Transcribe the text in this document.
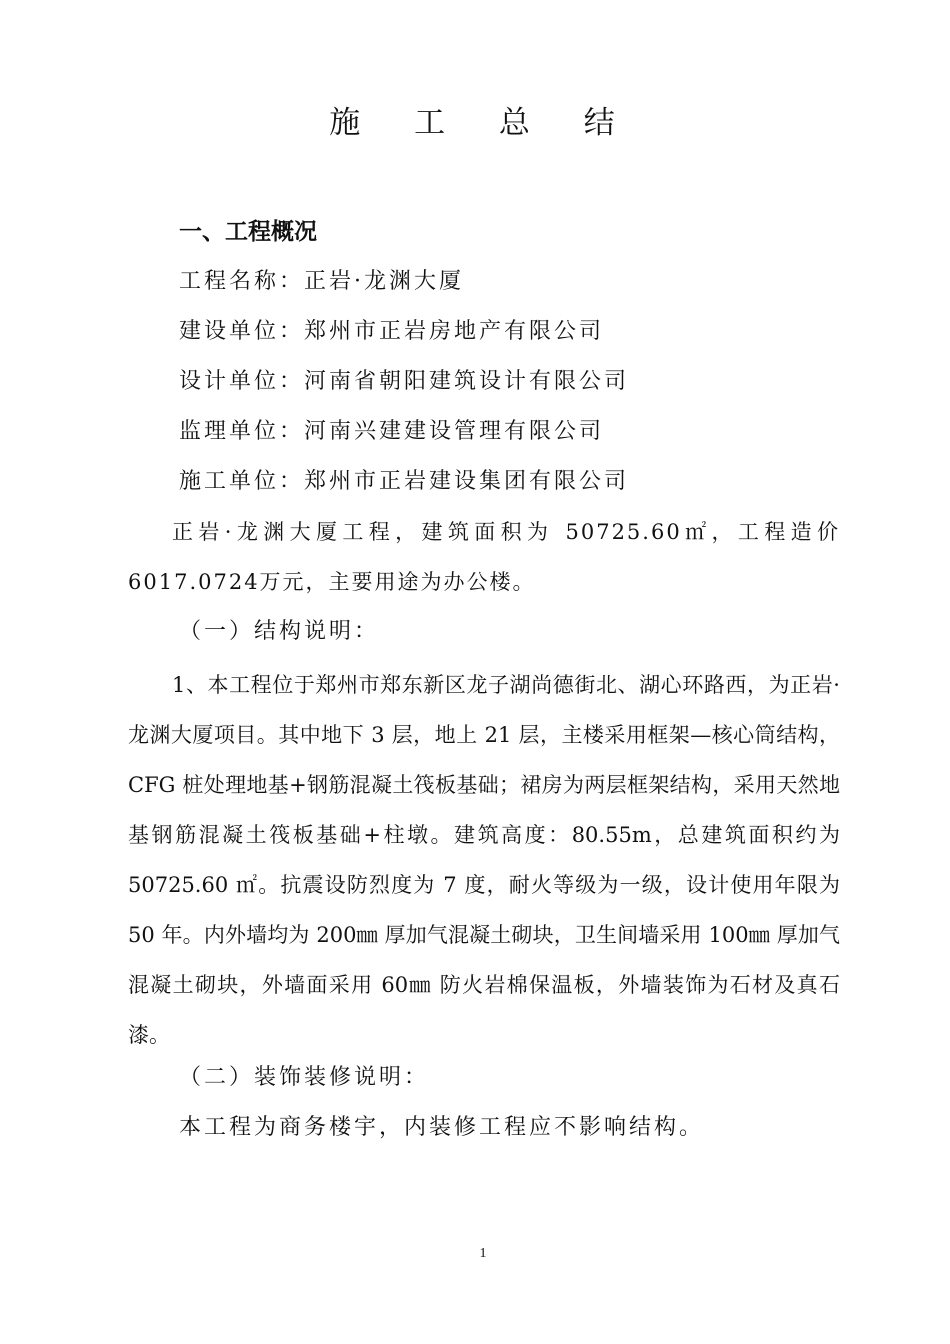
施 工 总 结
一、工程概况
工程名称：正岩·龙渊大厦
建设单位：郑州市正岩房地产有限公司
设计单位：河南省朝阳建筑设计有限公司
监理单位：河南兴建建设管理有限公司
施工单位：郑州市正岩建设集团有限公司

正岩·龙渊大厦工程，建筑面积为 50725.60㎡，工程造价6017.0724万元，主要用途为办公楼。

（一）结构说明：

1、本工程位于郑州市郑东新区龙子湖尚德街北、湖心环路西，为正岩·龙渊大厦项目。其中地下 3 层，地上 21 层，主楼采用框架—核心筒结构，CFG 桩处理地基+钢筋混凝土筏板基础；裙房为两层框架结构，采用天然地基钢筋混凝土筏板基础+柱墩。建筑高度：80.55m，总建筑面积约为 50725.60 ㎡。抗震设防烈度为 7 度，耐火等级为一级，设计使用年限为 50 年。内外墙均为 200㎜ 厚加气混凝土砌块，卫生间墙采用 100㎜ 厚加气混凝土砌块，外墙面采用 60㎜ 防火岩棉保温板，外墙装饰为石材及真石漆。

（二）装饰装修说明：
本工程为商务楼宇，内装修工程应不影响结构。
1
